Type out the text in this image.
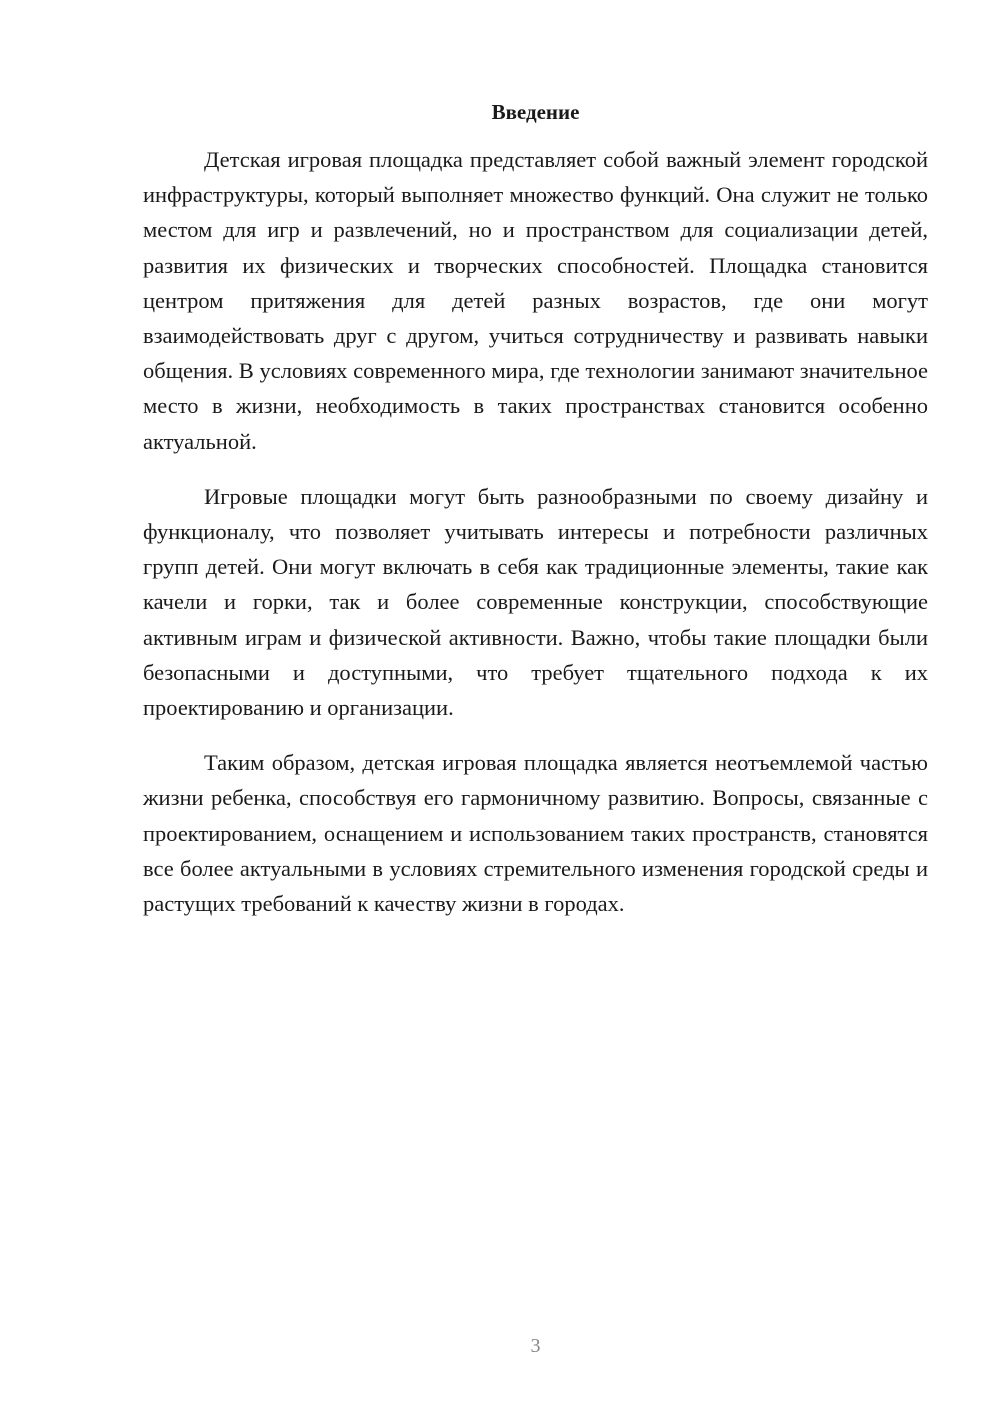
Введение

Детская игровая площадка представляет собой важный элемент городской инфраструктуры, который выполняет множество функций. Она служит не только местом для игр и развлечений, но и пространством для социализации детей, развития их физических и творческих способностей. Площадка становится центром притяжения для детей разных возрастов, где они могут взаимодействовать друг с другом, учиться сотрудничеству и развивать навыки общения. В условиях современного мира, где технологии занимают значительное место в жизни, необходимость в таких пространствах становится особенно актуальной.

Игровые площадки могут быть разнообразными по своему дизайну и функционалу, что позволяет учитывать интересы и потребности различных групп детей. Они могут включать в себя как традиционные элементы, такие как качели и горки, так и более современные конструкции, способствующие активным играм и физической активности. Важно, чтобы такие площадки были безопасными и доступными, что требует тщательного подхода к их проектированию и организации.

Таким образом, детская игровая площадка является неотъемлемой частью жизни ребенка, способствуя его гармоничному развитию. Вопросы, связанные с проектированием, оснащением и использованием таких пространств, становятся все более актуальными в условиях стремительного изменения городской среды и растущих требований к качеству жизни в городах.

3
